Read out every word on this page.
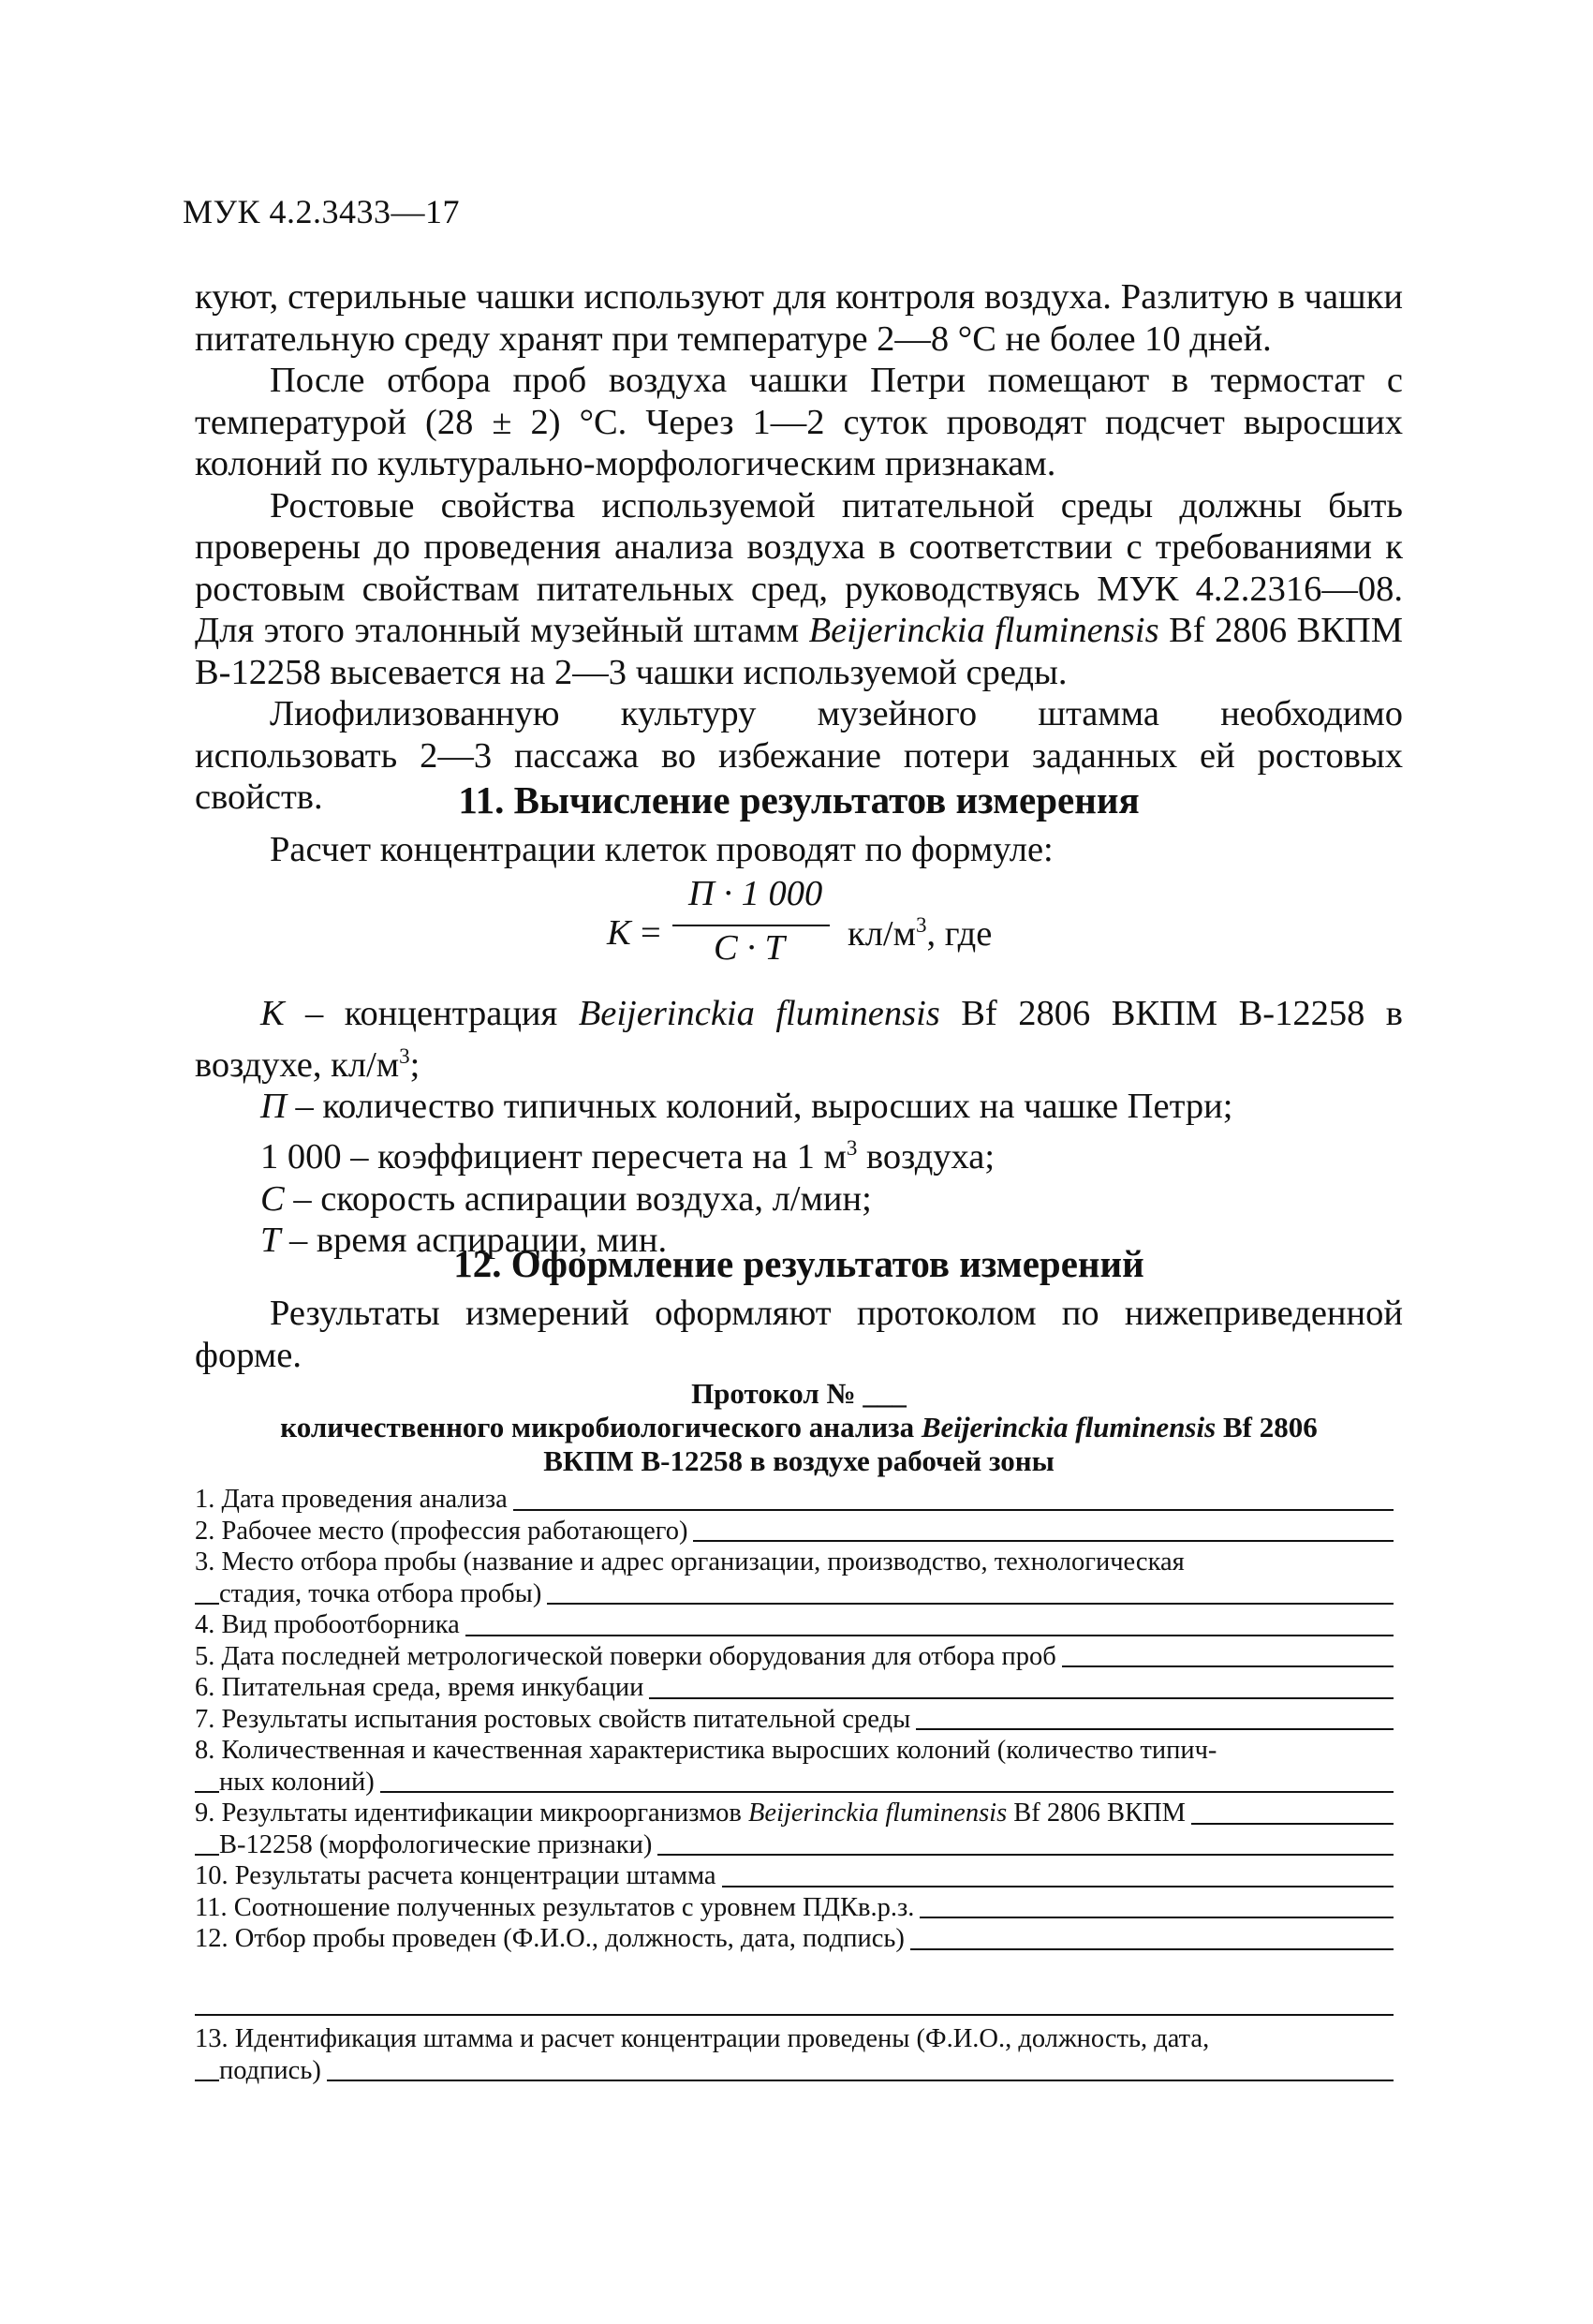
МУК 4.2.3433—17

куют, стерильные чашки используют для контроля воздуха. Разлитую в чашки питательную среду хранят при температуре 2—8 °С не более 10 дней.

После отбора проб воздуха чашки Петри помещают в термостат с температурой (28 ± 2) °С. Через 1—2 суток проводят подсчет выросших колоний по культурально-морфологическим признакам.

Ростовые свойства используемой питательной среды должны быть проверены до проведения анализа воздуха в соответствии с требованиями к ростовым свойствам питательных сред, руководствуясь МУК 4.2.2316—08. Для этого эталонный музейный штамм Beijerinckia fluminensis Bf 2806 ВКПМ В-12258 высевается на 2—3 чашки используемой среды.

Лиофилизованную культуру музейного штамма необходимо использовать 2—3 пассажа во избежание потери заданных ей ростовых свойств.	11. Вычисление результатов измерения

Расчет концентрации клеток проводят по формуле:

K =
П · 1 000
С · Т $кл/м^3$, где

К – концентрация Beijerinckia fluminensis Bf 2806 ВКПМ В-12258 в воздухе, $кл/м^3$;

П – количество типичных колоний, выросших на чашке Петри;

1 000 – коэффициент пересчета на 1 $м^3$ воздуха;

С – скорость аспирации воздуха, л/мин;

Т – время аспирации, мин.

12. Оформление результатов измерений

Результаты измерений оформляют протоколом по нижеприведенной форме.

Протокол № ___
количественного микробиологического анализа Beijerinckia fluminensis Bf 2806
ВКПМ В-12258 в воздухе рабочей зоны
1. Дата проведения анализа
2. Рабочее место (профессия работающего)
3. Место отбора пробы (название и адрес организации, производство, технологическая
стадия, точка отбора пробы)
4. Вид пробоотборника
5. Дата последней метрологической поверки оборудования для отбора проб
6. Питательная среда, время инкубации
7. Результаты испытания ростовых свойств питательной среды
8. Количественная и качественная характеристика выросших колоний (количество типич-
ных колоний)
9. Результаты идентификации микроорганизмов Beijerinckia fluminensis Bf 2806 ВКПМ
В-12258 (морфологические признаки)
10. Результаты расчета концентрации штамма
11. Соотношение полученных результатов с уровнем ПДКв.р.з.
12. Отбор пробы проведен (Ф.И.О., должность, дата, подпись)
13. Идентификация штамма и расчет концентрации проведены (Ф.И.О., должность, дата,
подпись)
